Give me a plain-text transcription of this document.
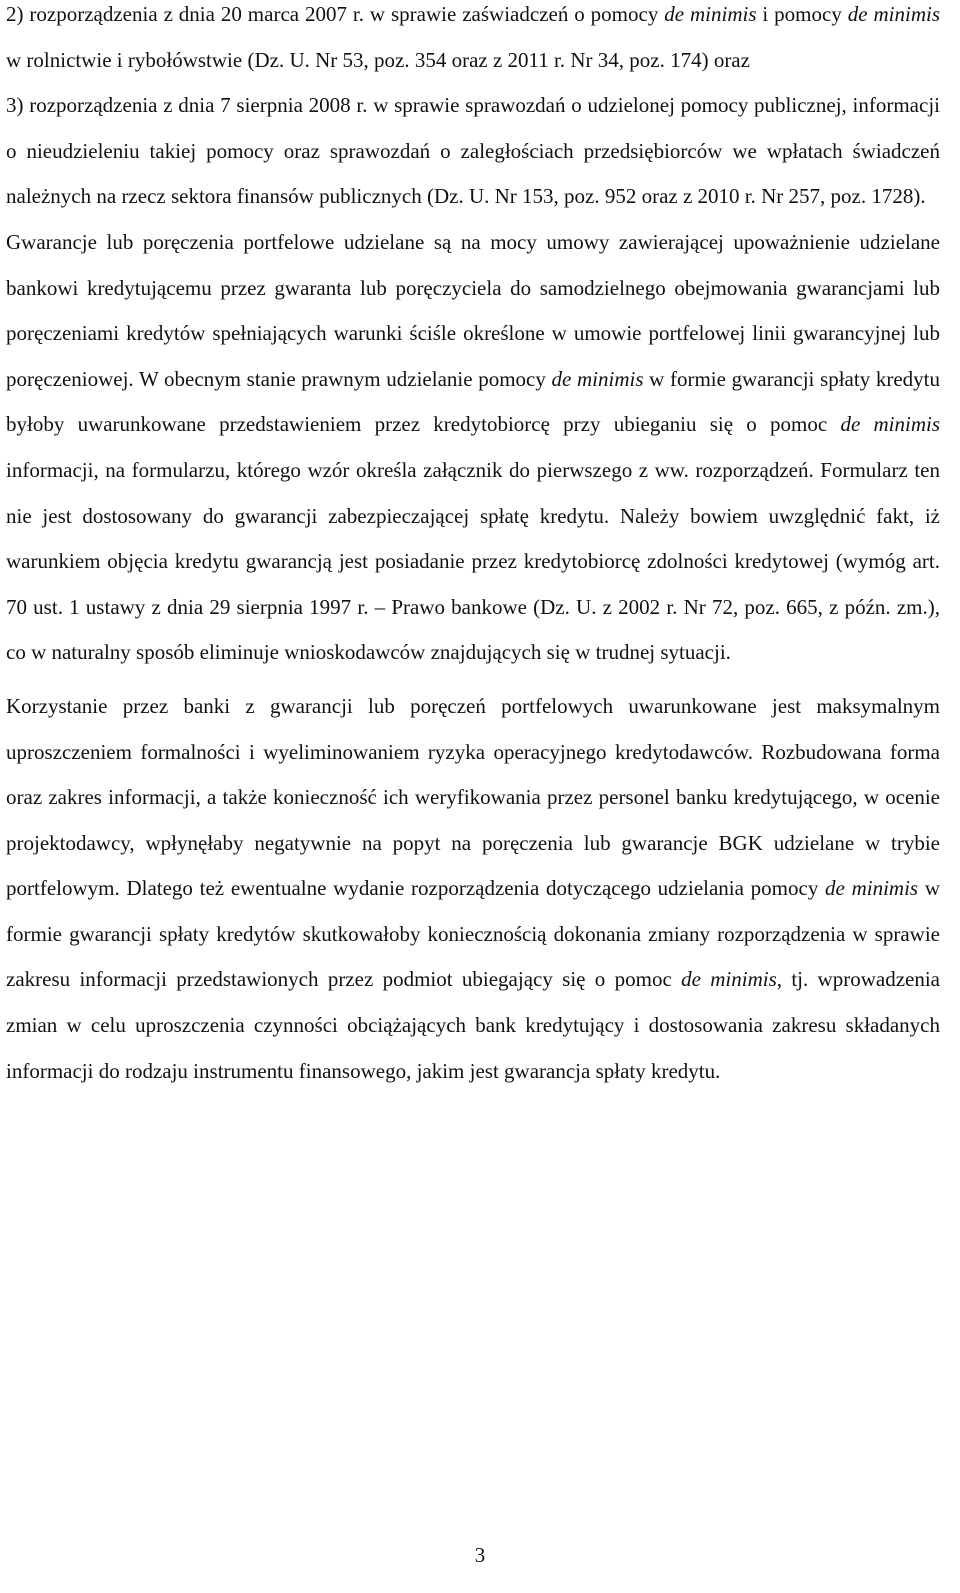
2) rozporządzenia z dnia 20 marca 2007 r. w sprawie zaświadczeń o pomocy de minimis i pomocy de minimis w rolnictwie i rybołówstwie (Dz. U. Nr 53, poz. 354 oraz z 2011 r. Nr 34, poz. 174) oraz

3) rozporządzenia z dnia 7 sierpnia 2008 r. w sprawie sprawozdań o udzielonej pomocy publicznej, informacji o nieudzieleniu takiej pomocy oraz sprawozdań o zaległościach przedsiębiorców we wpłatach świadczeń należnych na rzecz sektora finansów publicznych (Dz. U. Nr 153, poz. 952 oraz z 2010 r. Nr 257, poz. 1728).

Gwarancje lub poręczenia portfelowe udzielane są na mocy umowy zawierającej upoważnienie udzielane bankowi kredytującemu przez gwaranta lub poręczyciela do samodzielnego obejmowania gwarancjami lub poręczeniami kredytów spełniających warunki ściśle określone w umowie portfelowej linii gwarancyjnej lub poręczeniowej. W obecnym stanie prawnym udzielanie pomocy de minimis w formie gwarancji spłaty kredytu byłoby uwarunkowane przedstawieniem przez kredytobiorcę przy ubieganiu się o pomoc de minimis informacji, na formularzu, którego wzór określa załącznik do pierwszego z ww. rozporządzeń. Formularz ten nie jest dostosowany do gwarancji zabezpieczającej spłatę kredytu. Należy bowiem uwzględnić fakt, iż warunkiem objęcia kredytu gwarancją jest posiadanie przez kredytobiorcę zdolności kredytowej (wymóg art. 70 ust. 1 ustawy z dnia 29 sierpnia 1997 r. – Prawo bankowe (Dz. U. z 2002 r. Nr 72, poz. 665, z późn. zm.), co w naturalny sposób eliminuje wnioskodawców znajdujących się w trudnej sytuacji.

Korzystanie przez banki z gwarancji lub poręczeń portfelowych uwarunkowane jest maksymalnym uproszczeniem formalności i wyeliminowaniem ryzyka operacyjnego kredytodawców. Rozbudowana forma oraz zakres informacji, a także konieczność ich weryfikowania przez personel banku kredytującego, w ocenie projektodawcy, wpłynęłaby negatywnie na popyt na poręczenia lub gwarancje BGK udzielane w trybie portfelowym. Dlatego też ewentualne wydanie rozporządzenia dotyczącego udzielania pomocy de minimis w formie gwarancji spłaty kredytów skutkowałoby koniecznością dokonania zmiany rozporządzenia w sprawie zakresu informacji przedstawionych przez podmiot ubiegający się o pomoc de minimis, tj. wprowadzenia zmian w celu uproszczenia czynności obciążających bank kredytujący i dostosowania zakresu składanych informacji do rodzaju instrumentu finansowego, jakim jest gwarancja spłaty kredytu.

3
